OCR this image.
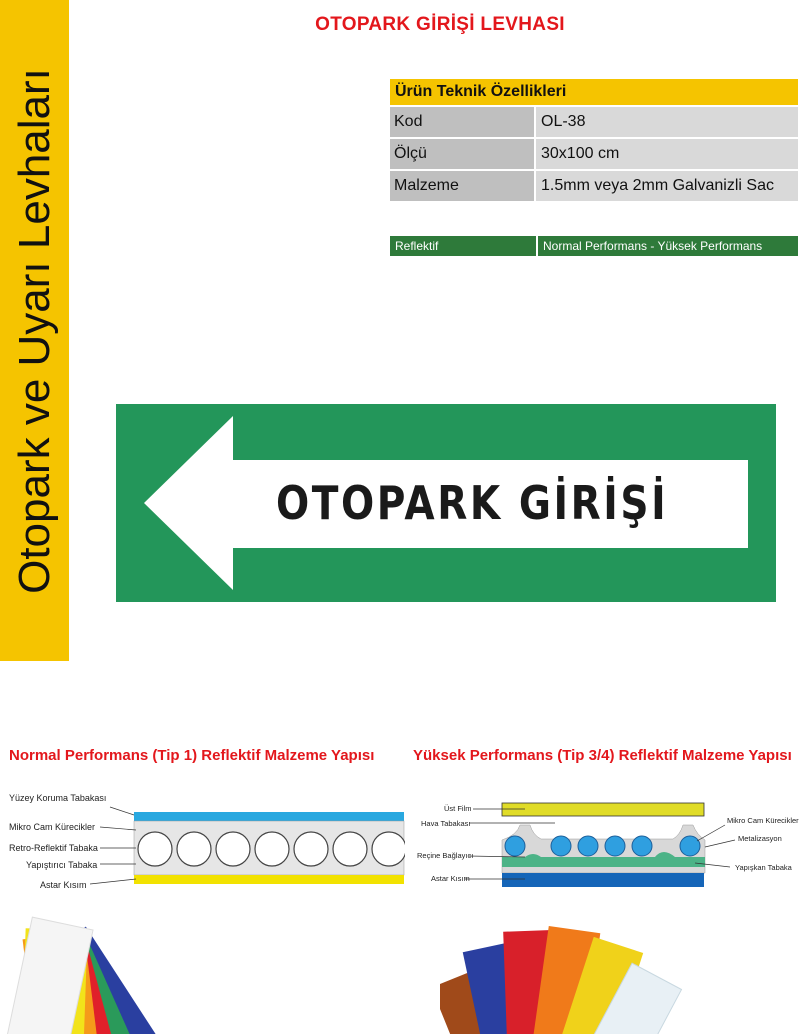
Otopark ve Uyarı Levhaları
OTOPARK GİRİŞİ LEVHASI
Ürün Teknik Özellikleri
Kod	OL-38
Ölçü	30x100 cm
Malzeme	1.5mm veya 2mm Galvanizli Sac
Reflektif	Normal Performans - Yüksek Performans
OTOPARK GİRİŞİ
Normal Performans (Tip 1) Reflektif Malzeme Yapısı	Yüksek Performans (Tip 3/4) Reflektif Malzeme Yapısı
Yüzey Koruma Tabakası
Mikro Cam Kürecikler
Retro-Reflektif Tabaka
Yapıştırıcı Tabaka
Astar Kısım
Üst Film
Hava Tabakası
Reçine Bağlayıcı
Astar Kısım
Mikro Cam Kürecikler
Metalizasyon
Yapışkan Tabaka
